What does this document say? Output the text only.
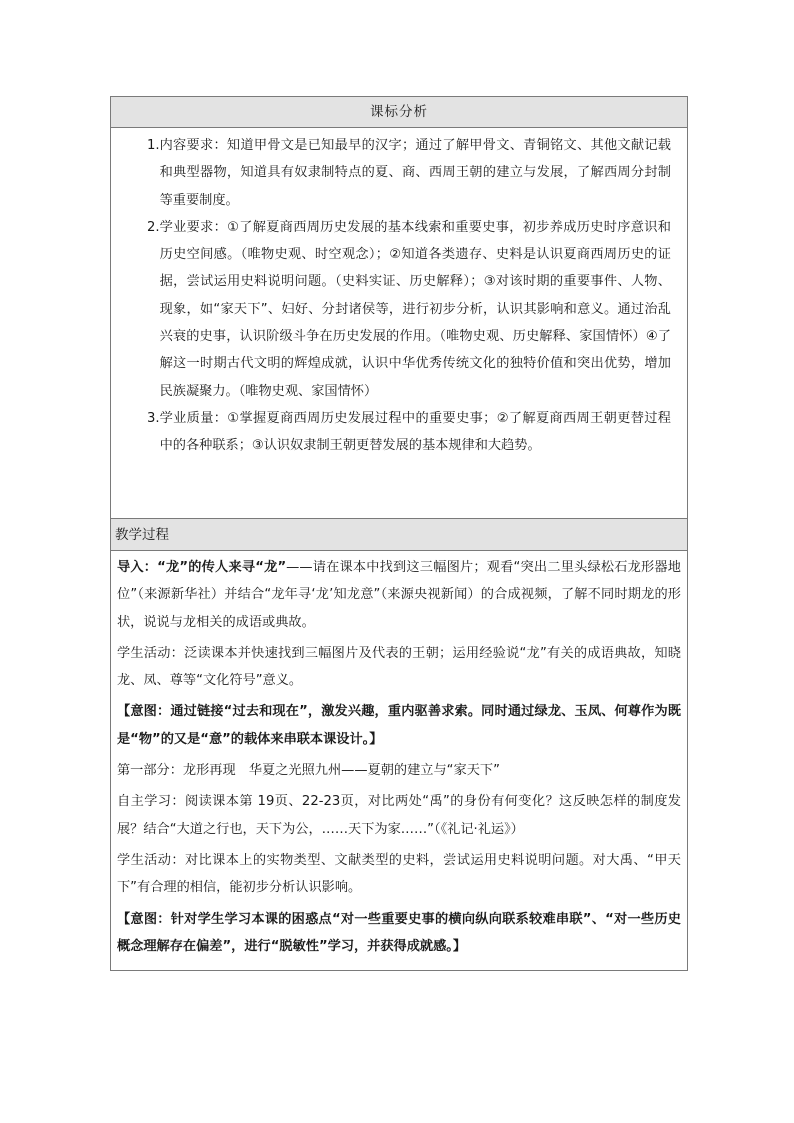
课标分析
1. 内容要求：知道甲骨文是已知最早的汉字；通过了解甲骨文、青铜铭文、其他文献记载和典型器物，知道具有奴隶制特点的夏、商、西周王朝的建立与发展，了解西周分封制等重要制度。
2. 学业要求：①了解夏商西周历史发展的基本线索和重要史事，初步养成历史时序意识和历史空间感。（唯物史观、时空观念）；②知道各类遗存、史料是认识夏商西周历史的证据，尝试运用史料说明问题。（史料实证、历史解释）；③对该时期的重要事件、人物、现象，如“家天下”、妇好、分封诸侯等，进行初步分析，认识其影响和意义。通过治乱兴衰的史事，认识阶级斗争在历史发展的作用。（唯物史观、历史解释、家国情怀）④了解这一时期古代文明的辉煌成就，认识中华优秀传统文化的独特价值和突出优势，增加民族凝聚力。（唯物史观、家国情怀）
3. 学业质量：①掌握夏商西周历史发展过程中的重要史事；②了解夏商西周王朝更替过程中的各种联系；③认识奴隶制王朝更替发展的基本规律和大趋势。
教学过程

导入：“龙”的传人来寻“龙”——请在课本中找到这三幅图片；观看“突出二里头绿松石龙形器地位”（来源新华社）并结合“龙年寻‘龙’知龙意”（来源央视新闻）的合成视频，了解不同时期龙的形状，说说与龙相关的成语或典故。

学生活动：泛读课本并快速找到三幅图片及代表的王朝；运用经验说“龙”有关的成语典故，知晓龙、凤、尊等“文化符号”意义。

【意图：通过链接“过去和现在”，激发兴趣，重内驱善求索。同时通过绿龙、玉凤、何尊作为既是“物”的又是“意”的载体来串联本课设计。】

第一部分：龙形再现　华夏之光照九州——夏朝的建立与“家天下”

自主学习：阅读课本第 19页、22-23页，对比两处“禹”的身份有何变化？这反映怎样的制度发展？结合“大道之行也，天下为公，……天下为家……”（《礼记·礼运》）

学生活动：对比课本上的实物类型、文献类型的史料，尝试运用史料说明问题。对大禹、“甲天下”有合理的相信，能初步分析认识影响。

【意图：针对学生学习本课的困惑点“对一些重要史事的横向纵向联系较难串联”、“对一些历史概念理解存在偏差”，进行“脱敏性”学习，并获得成就感。】
